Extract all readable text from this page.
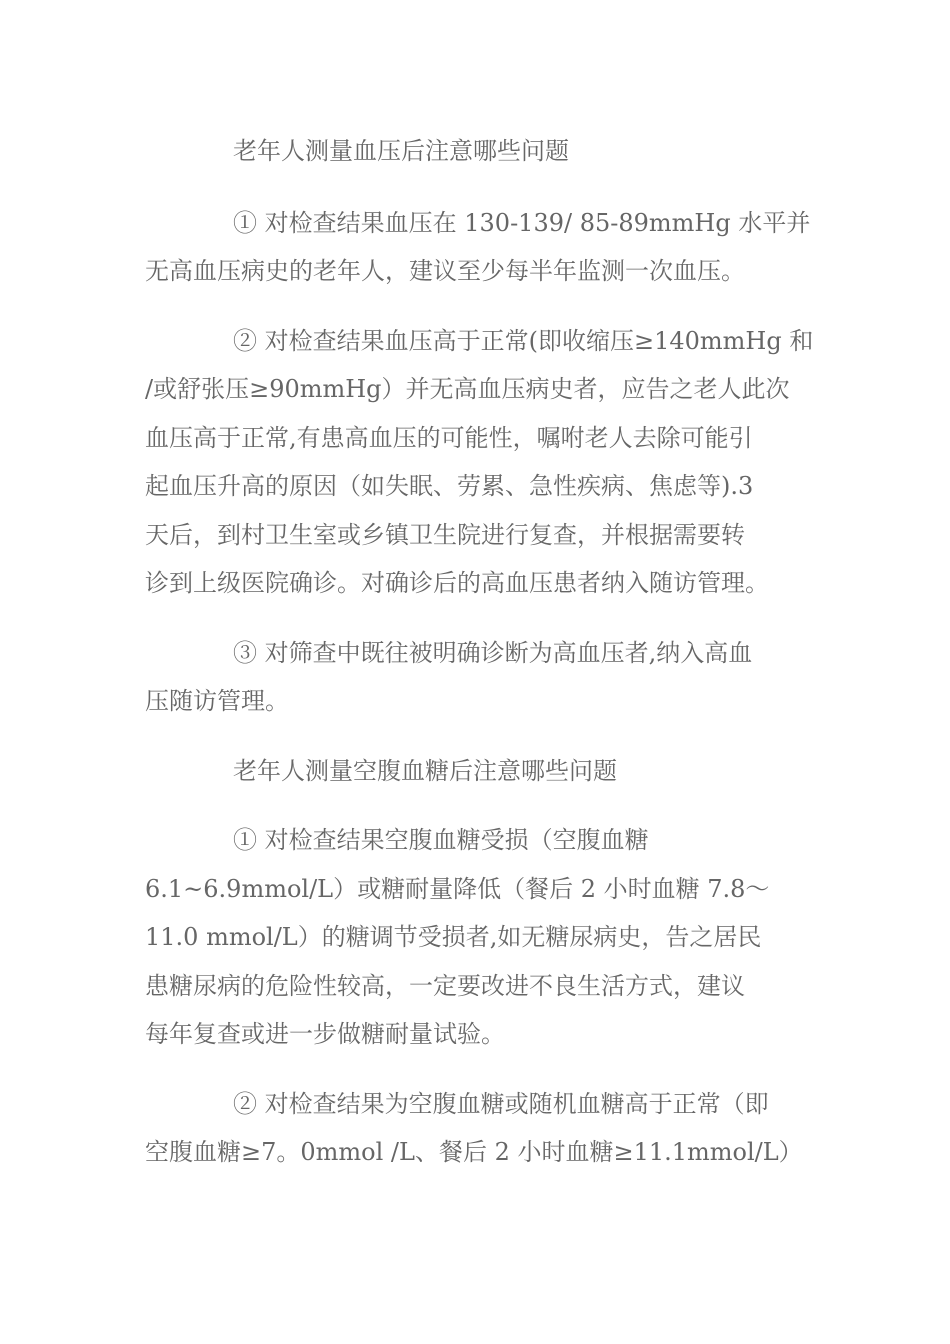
老年人测量血压后注意哪些问题

① 对检查结果血压在 130-139/ 85-89mmHg 水平并
无高血压病史的老年人，建议至少每半年监测一次血压。

② 对检查结果血压高于正常(即收缩压≥140mmHg 和
/或舒张压≥90mmHg）并无高血压病史者，应告之老人此次
血压高于正常,有患高血压的可能性，嘱咐老人去除可能引
起血压升高的原因（如失眠、劳累、急性疾病、焦虑等).3
天后，到村卫生室或乡镇卫生院进行复查，并根据需要转
诊到上级医院确诊。对确诊后的高血压患者纳入随访管理。

③ 对筛查中既往被明确诊断为高血压者,纳入高血
压随访管理。

老年人测量空腹血糖后注意哪些问题

① 对检查结果空腹血糖受损（空腹血糖
6.1~6.9mmol/L）或糖耐量降低（餐后 2 小时血糖 7.8～
11.0 mmol/L）的糖调节受损者,如无糖尿病史，告之居民
患糖尿病的危险性较高，一定要改进不良生活方式，建议
每年复查或进一步做糖耐量试验。

② 对检查结果为空腹血糖或随机血糖高于正常（即
空腹血糖≥7。0mmol /L、餐后 2 小时血糖≥11.1mmol/L）
